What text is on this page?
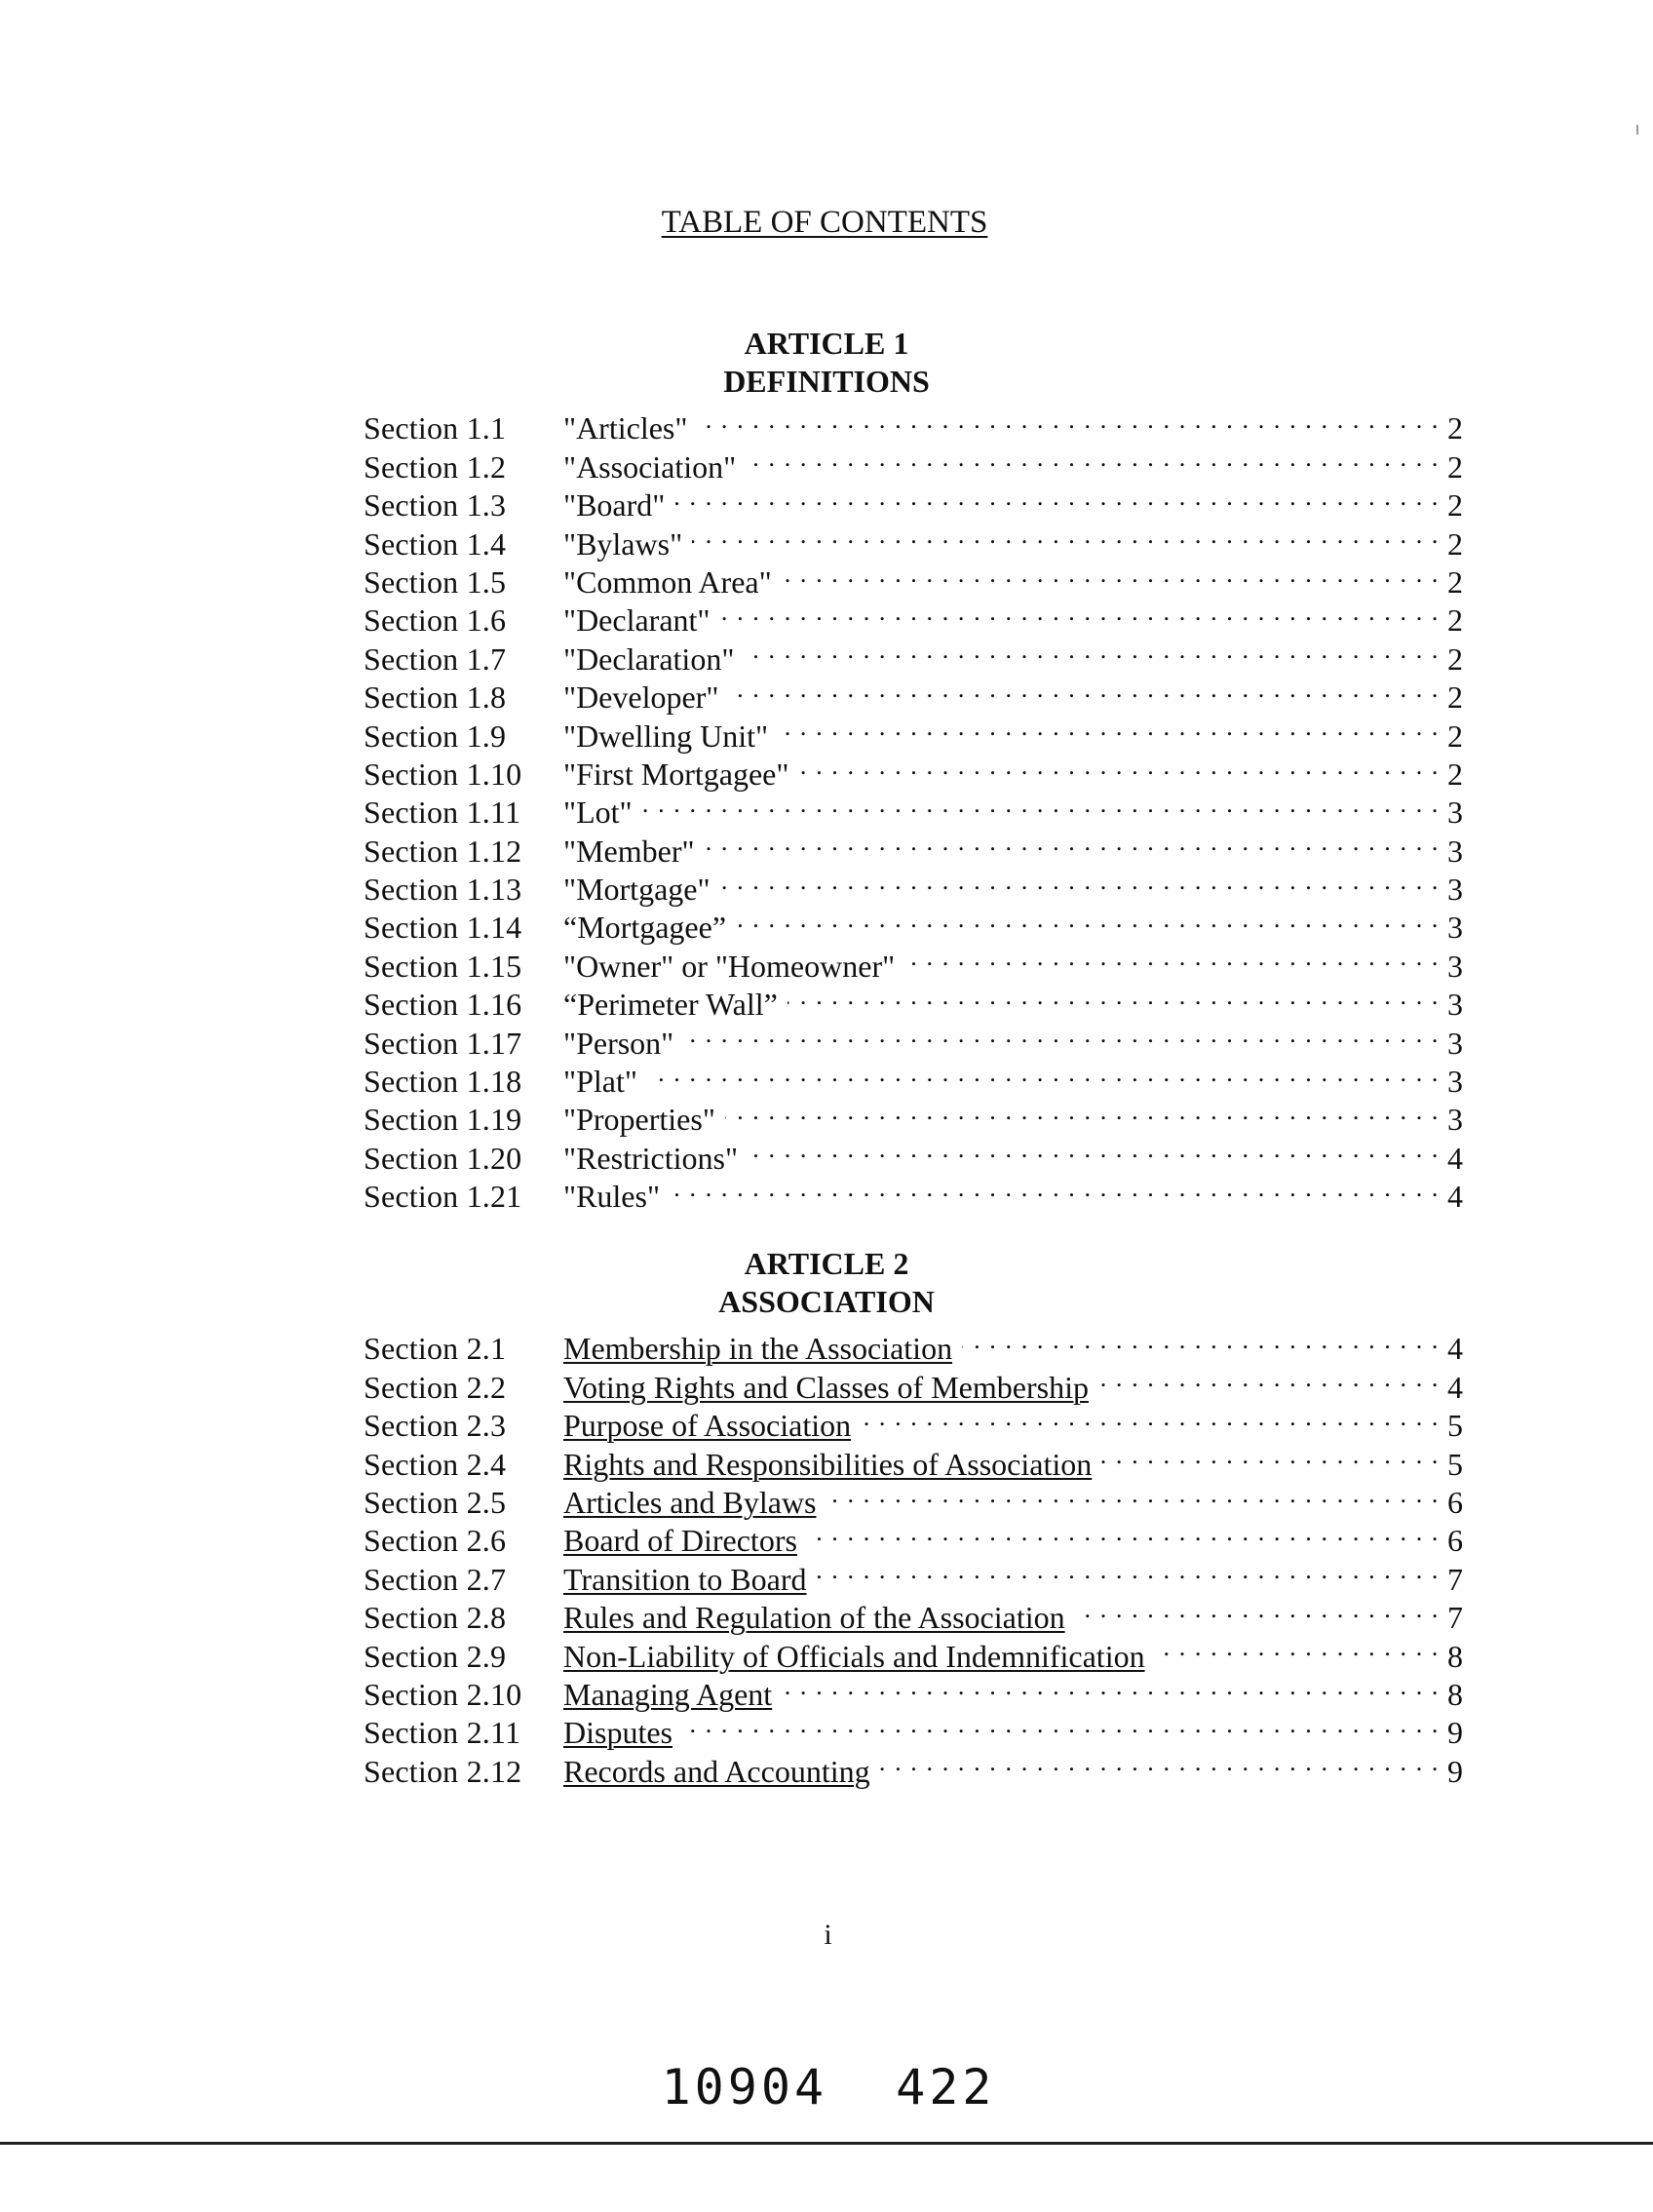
TABLE OF CONTENTS
ARTICLE 1
DEFINITIONS
Section 1.1	"Articles" . . .	2
Section 1.2	"Association" . . .	2
Section 1.3	"Board" . . .	2
Section 1.4	"Bylaws" . . .	2
Section 1.5	"Common Area" . . .	2
Section 1.6	"Declarant" . . .	2
Section 1.7	"Declaration" . . .	2
Section 1.8	"Developer" . . .	2
Section 1.9	"Dwelling Unit" . . .	2
Section 1.10	"First Mortgagee" . . .	2
Section 1.11	"Lot" . . .	3
Section 1.12	"Member" . . .	3
Section 1.13	"Mortgage" . . .	3
Section 1.14	“Mortgagee” . . .	3
Section 1.15	"Owner" or "Homeowner" . . .	3
Section 1.16	“Perimeter Wall” . . .	3
Section 1.17	"Person" . . .	3
Section 1.18	"Plat" . . .	3
Section 1.19	"Properties" . . .	3
Section 1.20	"Restrictions" . . .	4
Section 1.21	"Rules" . . .	4
ARTICLE 2
ASSOCIATION
Section 2.1	Membership in the Association . . .	4
Section 2.2	Voting Rights and Classes of Membership . . .	4
Section 2.3	Purpose of Association . . .	5
Section 2.4	Rights and Responsibilities of Association . . .	5
Section 2.5	Articles and Bylaws . . .	6
Section 2.6	Board of Directors . . .	6
Section 2.7	Transition to Board . . .	7
Section 2.8	Rules and Regulation of the Association . . .	7
Section 2.9	Non-Liability of Officials and Indemnification . . .	8
Section 2.10	Managing Agent . . .	8
Section 2.11	Disputes . . .	9
Section 2.12	Records and Accounting . . .	9
i
10904 422
